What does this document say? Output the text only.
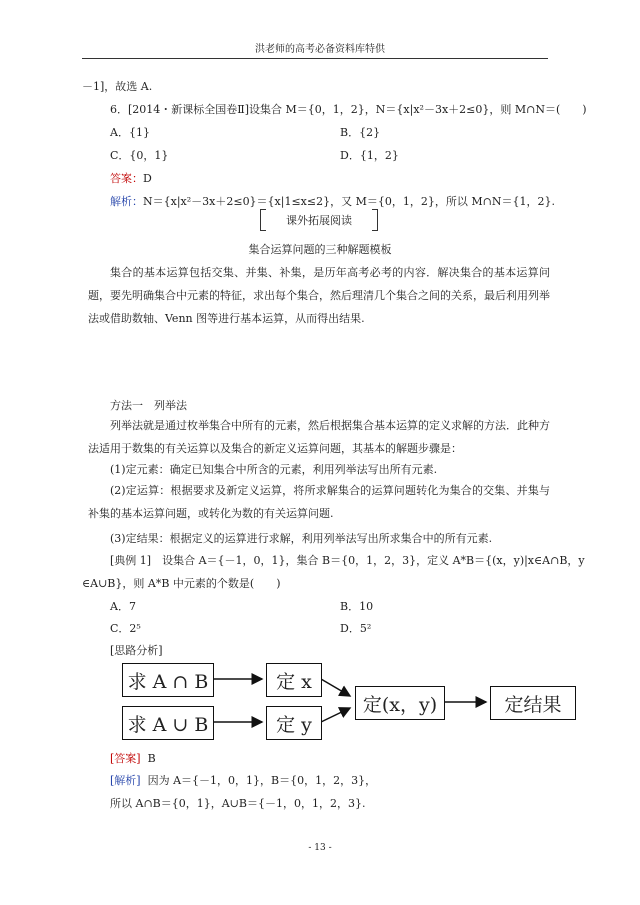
洪老师的高考必备资料库特供
－1]，故选 A.
6．[2014・新课标全国卷Ⅱ]设集合 M＝{0，1，2}，N＝{x|x²－3x＋2≤0}，则 M∩N＝(　　)
A．{1}	B．{2}
C．{0，1}	D．{1，2}
答案：D
解析：N＝{x|x²－3x＋2≤0}＝{x|1≤x≤2}，又 M＝{0，1，2}，所以 M∩N＝{1，2}.
课外拓展阅读
集合运算问题的三种解题模板
集合的基本运算包括交集、并集、补集，是历年高考必考的内容．解决集合的基本运算问题，要先明确集合中元素的特征，求出每个集合，然后理清几个集合之间的关系，最后利用列举法或借助数轴、Venn 图等进行基本运算，从而得出结果.
方法一　列举法
列举法就是通过枚举集合中所有的元素，然后根据集合基本运算的定义求解的方法．此种方法适用于数集的有关运算以及集合的新定义运算问题，其基本的解题步骤是：
(1)定元素：确定已知集合中所含的元素，利用列举法写出所有元素.
(2)定运算：根据要求及新定义运算，将所求解集合的运算问题转化为集合的交集、并集与补集的基本运算问题，或转化为数的有关运算问题.
(3)定结果：根据定义的运算进行求解，利用列举法写出所求集合中的所有元素.
[典例 1]　设集合 A＝{－1，0，1}，集合 B＝{0，1，2，3}，定义 A*B＝{(x，y)|x∈A∩B，y
∈A∪B}，则 A*B 中元素的个数是(　　)
A．7	B．10
C．2⁵	D．5²
[思路分析]
求 A ∩ B
求 A ∪ B
定 x
定 y
定(x，y)	定结果
[答案] B
[解析] 因为 A＝{－1，0，1}，B＝{0，1，2，3}，
所以 A∩B＝{0，1}，A∪B＝{－1，0，1，2，3}.
- 13 -
